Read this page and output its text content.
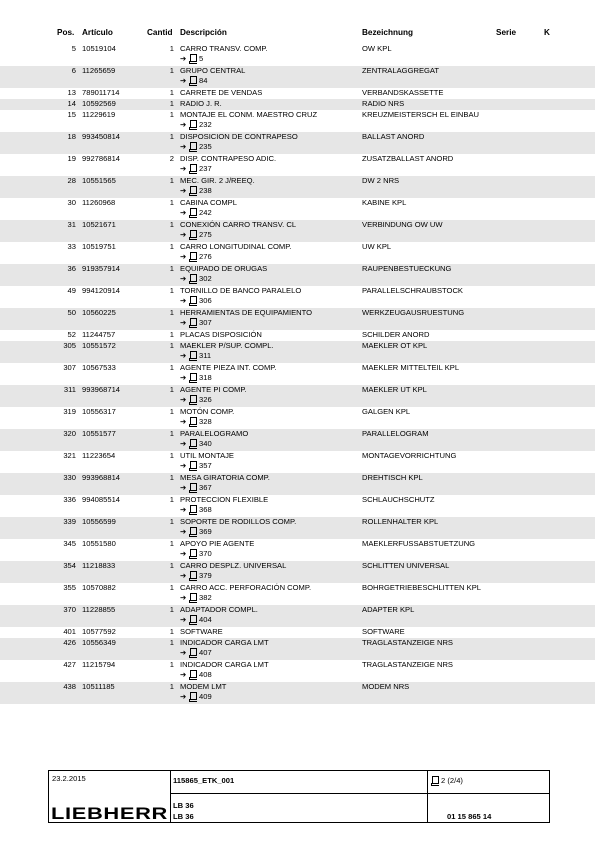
Pos. Artículo	Cantid Descripción	Bezeichnung	Serie	K
5 10519104	1 CARRO TRANSV. COMP.	OW KPL
➔ 5
6 11265659	1 GRUPO CENTRAL	ZENTRALAGGREGAT
➔ 84
13 789011714	1 CARRETE DE VENDAS	VERBANDSKASSETTE
14 10592569	1 RADIO J. R.	RADIO NRS
15 11229619	1 MONTAJE EL CONM. MAESTRO CRUZ	KREUZMEISTERSCH EL EINBAU
➔ 232
18 993450814	1 DISPOSICION DE CONTRAPESO	BALLAST ANORD
➔ 235
19 992786814	2 DISP. CONTRAPESO ADIC.	ZUSATZBALLAST ANORD
➔ 237
28 10551565	1 MEC. GIR. 2 J/REEQ.	DW 2 NRS
➔ 238
30 11260968	1 CABINA COMPL	KABINE KPL
➔ 242
31 10521671	1 CONEXIÓN CARRO TRANSV. CL	VERBINDUNG OW UW
➔ 275
33 10519751	1 CARRO LONGITUDINAL COMP.	UW KPL
➔ 276
36 919357914	1 EQUIPADO DE ORUGAS	RAUPENBESTUECKUNG
➔ 302
49 994120914	1 TORNILLO DE BANCO PARALELO	PARALLELSCHRAUBSTOCK
➔ 306
50 10560225	1 HERRAMIENTAS DE EQUIPAMIENTO	WERKZEUGAUSRUESTUNG
➔ 307
52 11244757	1 PLACAS DISPOSICIÓN	SCHILDER ANORD
305 10551572	1 MAEKLER P/SUP. COMPL.	MAEKLER OT KPL
➔ 311
307 10567533	1 AGENTE PIEZA INT. COMP.	MAEKLER MITTELTEIL KPL
➔ 318
311 993968714	1 AGENTE PI COMP.	MAEKLER UT KPL
➔ 326
319 10556317	1 MOTÓN COMP.	GALGEN KPL
➔ 328
320 10551577	1 PARALELOGRAMO	PARALLELOGRAM
➔ 340
321 11223654	1 UTIL MONTAJE	MONTAGEVORRICHTUNG
➔ 357
330 993968814	1 MESA GIRATORIA COMP.	DREHTISCH KPL
➔ 367
336 994085514	1 PROTECCION FLEXIBLE	SCHLAUCHSCHUTZ
➔ 368
339 10556599	1 SOPORTE DE RODILLOS COMP.	ROLLENHALTER KPL
➔ 369
345 10551580	1 APOYO PIE AGENTE	MAEKLERFUSSABSTUETZUNG
➔ 370
354 11218833	1 CARRO DESPLZ. UNIVERSAL	SCHLITTEN UNIVERSAL
➔ 379
355 10570882	1 CARRO ACC. PERFORACIÓN COMP.	BOHRGETRIEBESCHLITTEN KPL
➔ 382
370 11228855	1 ADAPTADOR COMPL.	ADAPTER KPL
➔ 404
401 10577592	1 SOFTWARE	SOFTWARE
426 10556349	1 INDICADOR CARGA LMT	TRAGLASTANZEIGE NRS
➔ 407
427 11215794	1 INDICADOR CARGA LMT	TRAGLASTANZEIGE NRS
➔ 408
438 10511185	1 MODEM LMT	MODEM NRS
➔ 409
23.2.2015	115865_ETK_001	2 (2/4)
LB 36
LB 36	01 15 865 14
LIEBHERR
